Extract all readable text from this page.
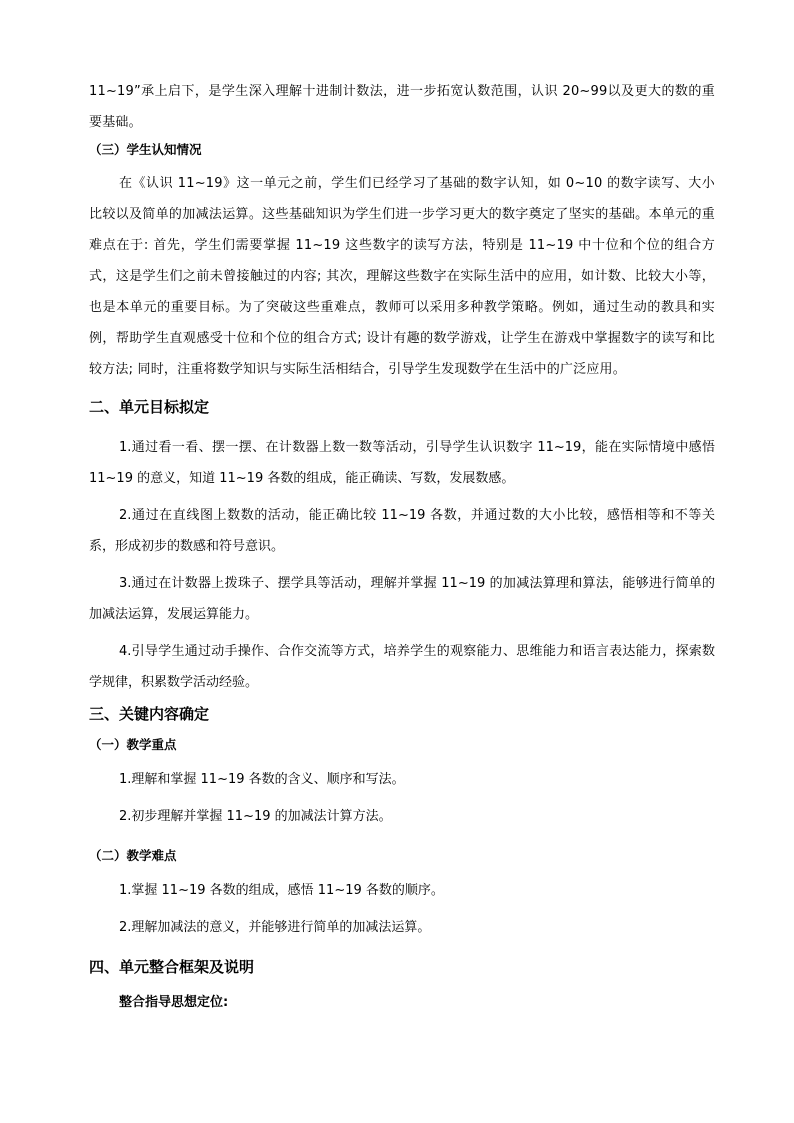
11~19”承上启下，是学生深入理解十进制计数法，进一步拓宽认数范围，认识 20~99以及更大的数的重要基础。

（三）学生认知情况

在《认识 11~19》这一单元之前，学生们已经学习了基础的数字认知，如 0~10 的数字读写、大小比较以及简单的加减法运算。这些基础知识为学生们进一步学习更大的数字奠定了坚实的基础。本单元的重难点在于: 首先，学生们需要掌握 11~19 这些数字的读写方法，特别是 11~19 中十位和个位的组合方式，这是学生们之前未曾接触过的内容; 其次，理解这些数字在实际生活中的应用，如计数、比较大小等，也是本单元的重要目标。为了突破这些重难点，教师可以采用多种教学策略。例如，通过生动的教具和实例，帮助学生直观感受十位和个位的组合方式; 设计有趣的数学游戏，让学生在游戏中掌握数字的读写和比较方法; 同时，注重将数学知识与实际生活相结合，引导学生发现数学在生活中的广泛应用。

二、单元目标拟定

1.通过看一看、摆一摆、在计数器上数一数等活动，引导学生认识数字 11~19，能在实际情境中感悟 11~19 的意义，知道 11~19 各数的组成，能正确读、写数，发展数感。

2.通过在直线图上数数的活动，能正确比较 11~19 各数，并通过数的大小比较，感悟相等和不等关系，形成初步的数感和符号意识。

3.通过在计数器上拨珠子、摆学具等活动，理解并掌握 11~19 的加减法算理和算法，能够进行简单的加减法运算，发展运算能力。

4.引导学生通过动手操作、合作交流等方式，培养学生的观察能力、思维能力和语言表达能力，探索数学规律，积累数学活动经验。

三、关键内容确定

（一）教学重点

1.理解和掌握 11~19 各数的含义、顺序和写法。

2.初步理解并掌握 11~19 的加减法计算方法。

（二）教学难点

1.掌握 11~19 各数的组成，感悟 11~19 各数的顺序。

2.理解加减法的意义，并能够进行简单的加减法运算。

四、单元整合框架及说明

整合指导思想定位:
